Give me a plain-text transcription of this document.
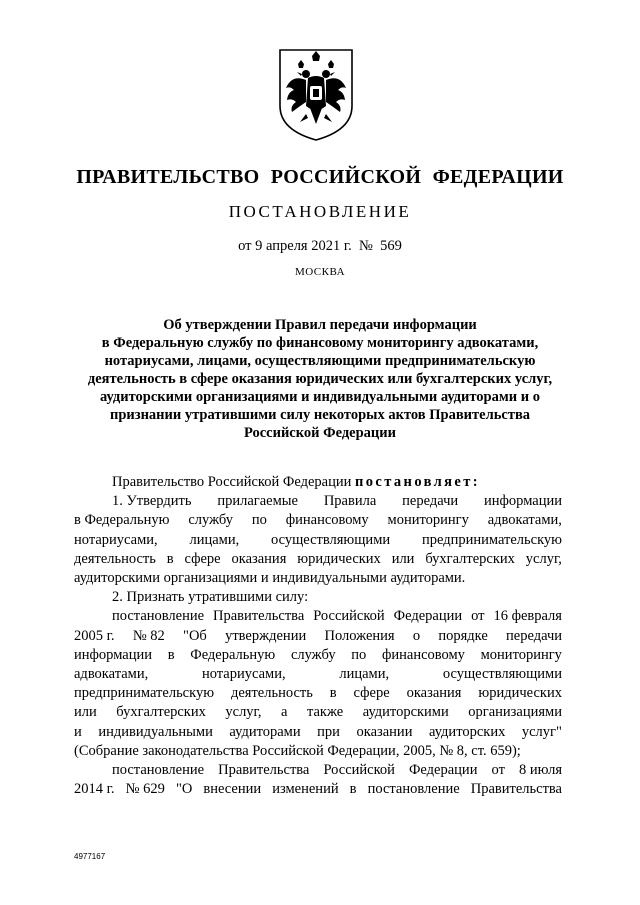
ПРАВИТЕЛЬСТВО РОССИЙСКОЙ ФЕДЕРАЦИИ
ПОСТАНОВЛЕНИЕ
от 9 апреля 2021 г. № 569
МОСКВА
Об утверждении Правил передачи информации
в Федеральную службу по финансовому мониторингу адвокатами,
нотариусами, лицами, осуществляющими предпринимательскую
деятельность в сфере оказания юридических или бухгалтерских услуг,
аудиторскими организациями и индивидуальными аудиторами и о
признании утратившими силу некоторых актов Правительства
Российской Федерации
Правительство Российской Федерации
постановляет:
1. Утвердить прилагаемые Правила передачи информации
в Федеральную службу по финансовому мониторингу адвокатами,
нотариусами, лицами, осуществляющими предпринимательскую
деятельность в сфере оказания юридических или бухгалтерских услуг,
аудиторскими организациями и индивидуальными аудиторами.
2. Признать утратившими силу:
постановление Правительства Российской Федерации от 16 февраля
2005 г. № 82 "Об утверждении Положения о порядке передачи
информации в Федеральную службу по финансовому мониторингу
адвокатами,	нотариусами,	лицами,	осуществляющими
предпринимательскую деятельность в сфере оказания юридических
или бухгалтерских услуг, а также аудиторскими организациями
и индивидуальными аудиторами при оказании аудиторских услуг"
(Собрание законодательства Российской Федерации, 2005, № 8, ст. 659);
постановление Правительства Российской Федерации от 8 июля
2014 г. № 629 "О внесении изменений в постановление Правительства
4977167
